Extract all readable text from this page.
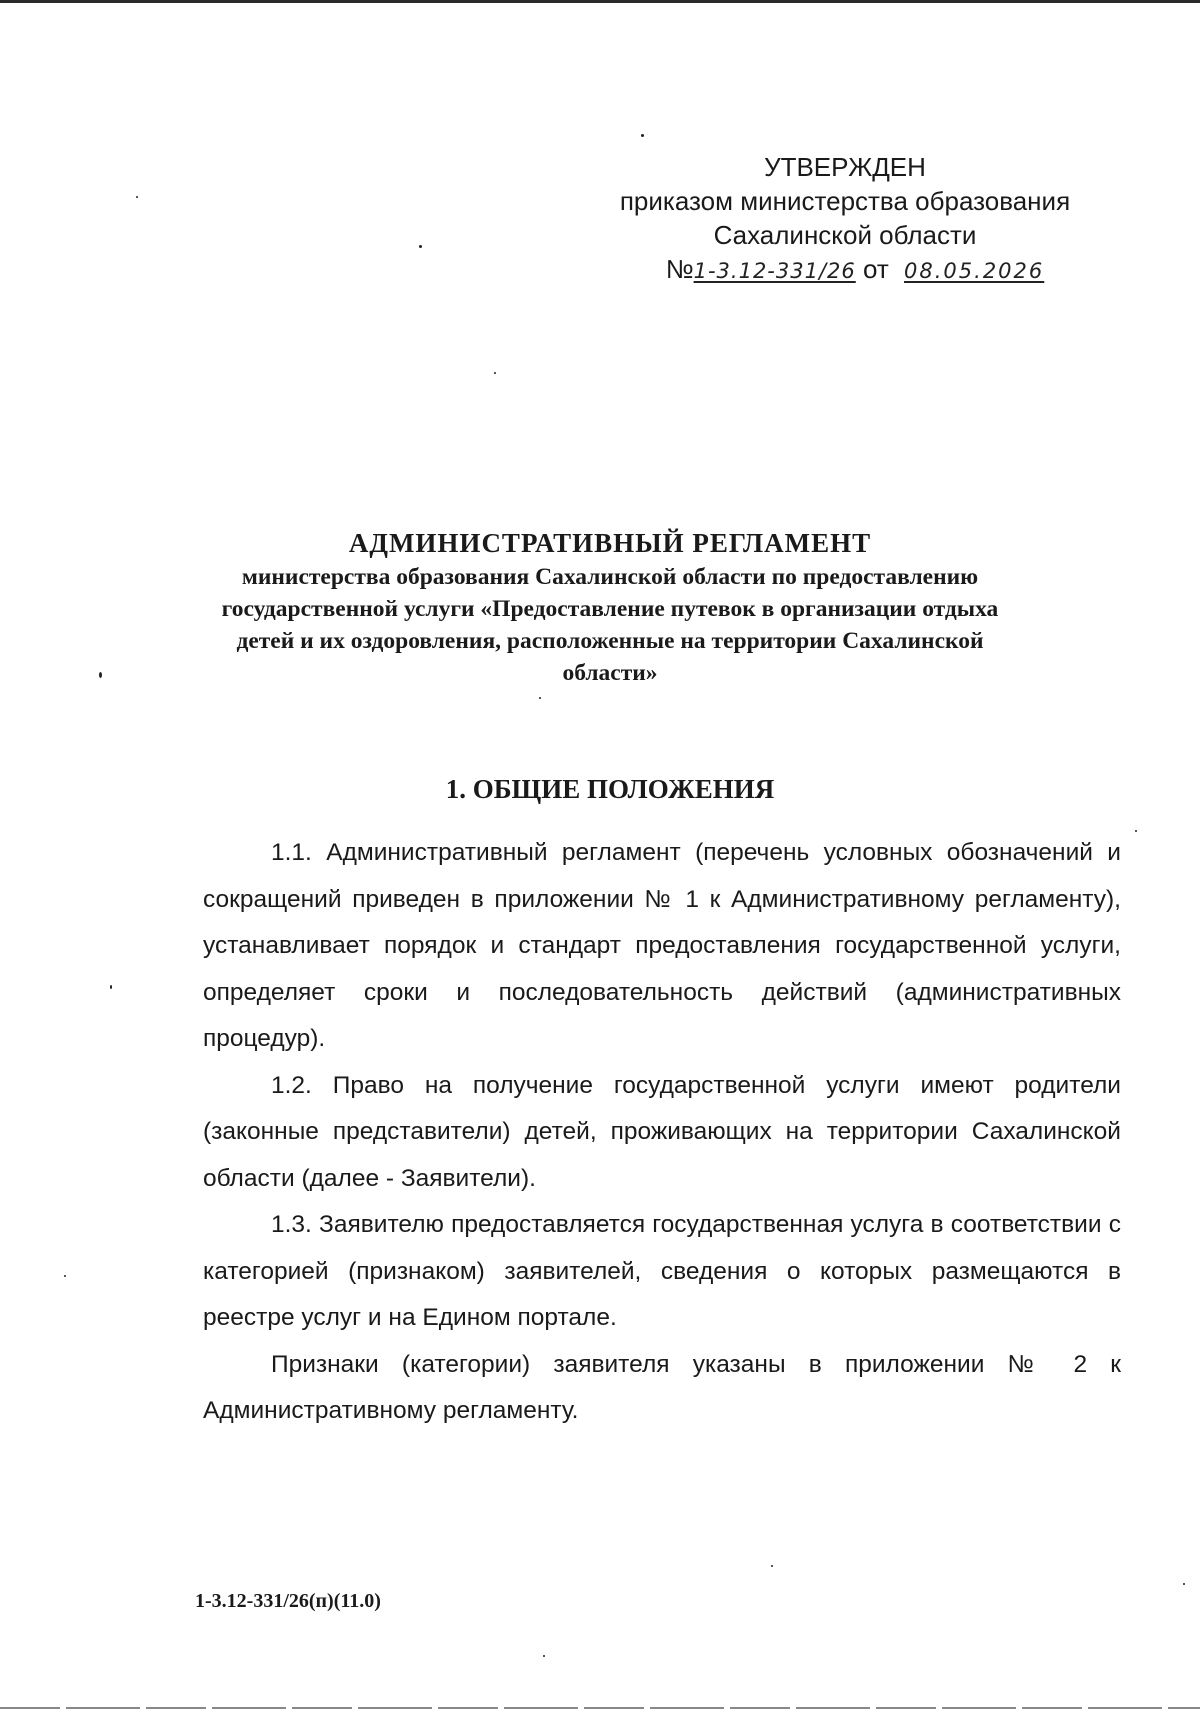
УТВЕРЖДЕН
приказом министерства образования
Сахалинской области
№1-3.12-331/26 от 08.05.2026
АДМИНИСТРАТИВНЫЙ РЕГЛАМЕНТ
министерства образования Сахалинской области по предоставлению
государственной услуги «Предоставление путевок в организации отдыха
детей и их оздоровления, расположенные на территории Сахалинской
области»
1. ОБЩИЕ ПОЛОЖЕНИЯ

1.1. Административный регламент (перечень условных обозначений и сокращений приведен в приложении № 1 к Административному регламенту), устанавливает порядок и стандарт предоставления государственной услуги, определяет сроки и последовательность действий (административных процедур).

1.2. Право на получение государственной услуги имеют родители (законные представители) детей, проживающих на территории Сахалинской области (далее - Заявители).

1.3. Заявителю предоставляется государственная услуга в соответствии с категорией (признаком) заявителей, сведения о которых размещаются в реестре услуг и на Едином портале.

Признаки (категории) заявителя указаны в приложении № 2 к Административному регламенту.

1-3.12-331/26(п)(11.0)
